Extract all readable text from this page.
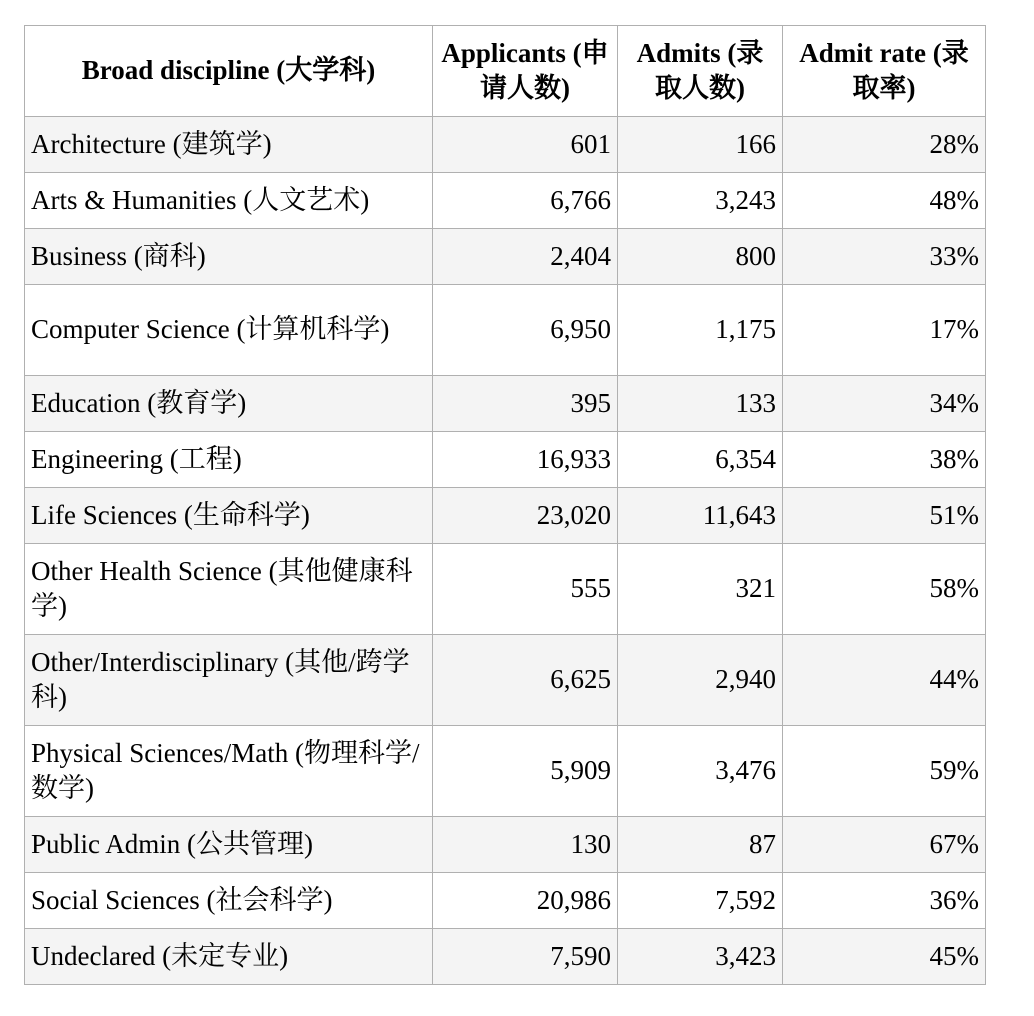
Broad discipline (大学科)	Applicants (申请人数)	Admits (录取人数)	Admit rate (录取率)
Architecture (建筑学)	601	166	28%
Arts & Humanities (人文艺术)	6,766	3,243	48%
Business (商科)	2,404	800	33%
Computer Science (计算机科学)	6,950	1,175	17%
Education (教育学)	395	133	34%
Engineering (工程)	16,933	6,354	38%
Life Sciences (生命科学)	23,020	11,643	51%
Other Health Science (其他健康科学)	555	321	58%
Other/Interdisciplinary (其他/跨学科)	6,625	2,940	44%
Physical Sciences/Math (物理科学/数学)	5,909	3,476	59%
Public Admin (公共管理)	130	87	67%
Social Sciences (社会科学)	20,986	7,592	36%
Undeclared (未定专业)	7,590	3,423	45%
